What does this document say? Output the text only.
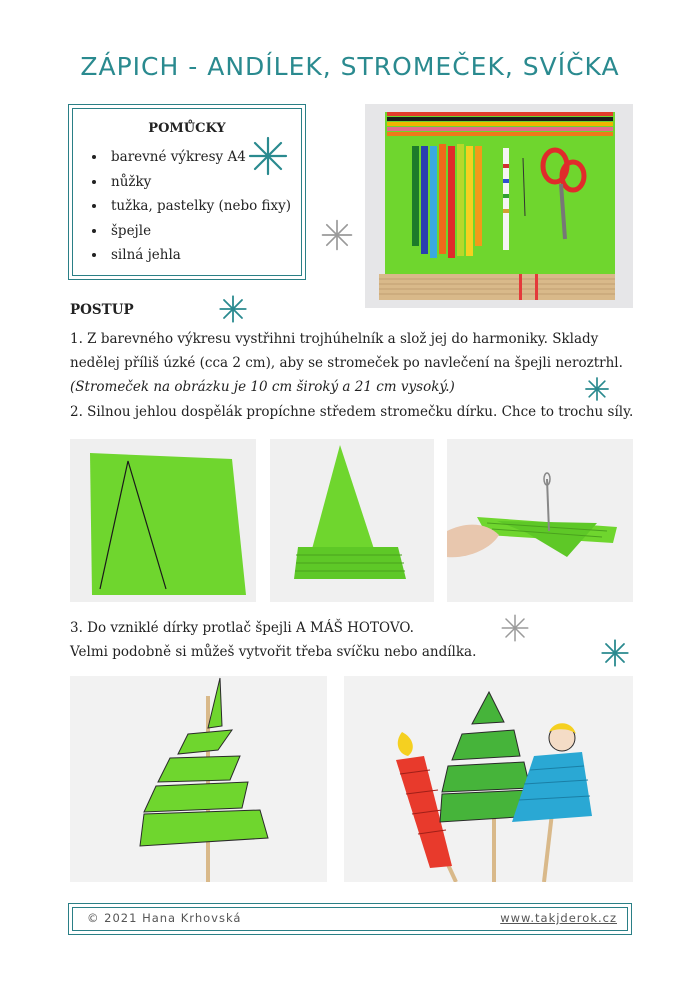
ZÁPICH - ANDÍLEK, STROMEČEK, SVÍČKA
POMŮCKY
• barevné výkresy A4
• nůžky
• tužka, pastelky (nebo fixy)
• špejle
• silná jehla
POSTUP
1. Z barevného výkresu vystřihni trojhúhelník a slož jej do harmoniky. Sklady
nedělej příliš úzké (cca 2 cm), aby se stromeček po navlečení na špejli neroztrhl.
(Stromeček na obrázku je 10 cm široký a 21 cm vysoký.)
2. Silnou jehlou dospělák propíchne středem stromečku dírku. Chce to trochu síly.
3. Do vzniklé dírky protlač špejli A MÁŠ HOTOVO.
Velmi podobně si můžeš vytvořit třeba svíčku nebo andílka.
© 2021 Hana Krhovská	www.takjderok.cz
